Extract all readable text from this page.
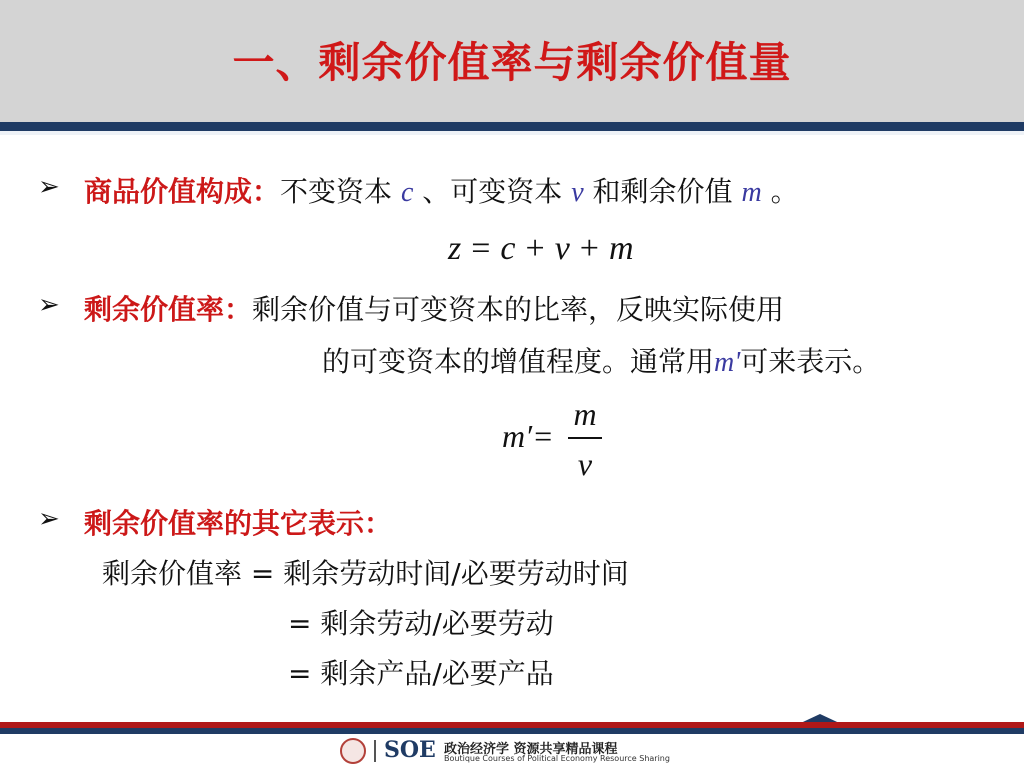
一、剩余价值率与剩余价值量
➢ 商品价值构成：不变资本 c 、可变资本 v 和剩余价值 m 。
z = c + v + m
➢ 剩余价值率：剩余价值与可变资本的比率，反映实际使用
的可变资本的增值程度。通常用m'可来表示。
m′=
m
v
➢ 剩余价值率的其它表示：
剩余价值率 = 剩余劳动时间/必要劳动时间
= 剩余劳动/必要劳动
= 剩余产品/必要产品
SOE 政治经济学 资源共享精品课程
Boutique Courses of Political Economy Resource Sharing
